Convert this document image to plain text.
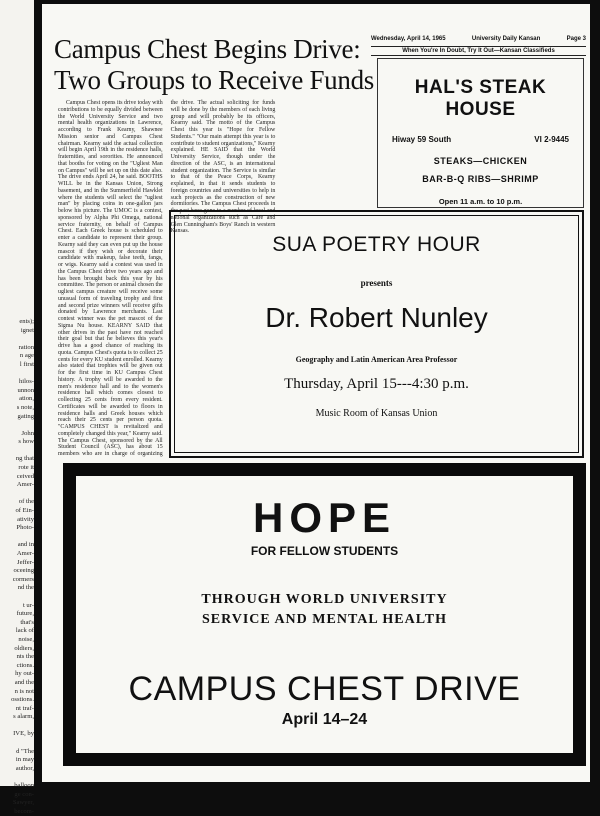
ents);
ignet
ration
n age
l first
hilos-
unnon
ation,
s note,
gating
John
s how
ng that
rote it
ceived
Amer-
of the
of Ein-
ativity
Photo-
and in
Amer-
Jeffer-
oceeing
cormers
nd the
t ur-
future,
that's
lack of
noise,
oldiers,
nts the
ctions.
hy out-
and the
n is not
osstions.
nt traf-
s alarm,
IVE, by
d "The
in may
author,
balloon
ge con-
Sawyer,
becom-
Campus Chest Begins Drive:
Two Groups to Receive Funds

Campus Chest opens its drive today with contributions to be equally divided between the World University Service and two mental health organizations in Lawrence, according to Frank Kearny, Shawnee Mission senior and Campus Chest chairman. Kearny said the actual collection will begin April 19th in the residence halls, fraternities, and sororities. He announced that booths for voting on the "Ugliest Man on Campus" will be set up on this date also. The drive ends April 24, he said. BOOTHS WILL be in the Kansas Union, Strong basement, and in the Summerfield Hawklet where the students will select the "ugliest man" by placing coins in one-gallon jars below his picture. The UMOC is a contest, sponsored by Alpha Phi Omega, national service fraternity, on behalf of Campus Chest. Each Greek house is scheduled to enter a candidate to represent their group. Kearny said they can even put up the house mascot if they wish or decorate their candidate with makeup, false teeth, fangs, or wigs. Kearny said a contest was used in the Campus Chest drive two years ago and has been brought back this year by his committee. The person or animal chosen the ugliest campus creature will receive some unusual form of traveling trophy and first and second prize winners will receive gifts donated by Lawrence merchants. Last contest winner was the pet mascot of the Sigma Nu house. KEARNY SAID that other drives in the past have not reached their goal but that he believes this year's drive has a good chance of reaching its quota. Campus Chest's quota is to collect 25 cents for every KU student enrolled. Kearny also stated that trophies will be given out for the first time in KU Campus Chest history. A trophy will be awarded to the men's residence hall and to the women's residence hall which comes closest to collecting 25 cents from every resident. Certificates will be awarded to floors in residence halls and Greek houses which reach their 25 cents per person quota. "CAMPUS CHEST is revitalized and completely changed this year," Kearny said. The Campus Chest, sponsored by the All Student Council (ASC), has about 15 members who are in charge of organizing the drive. The actual soliciting for funds will be done by the members of each living group and will probably be its officers, Kearny said. The motto of the Campus Chest this year is "Hope for Fellow Students." "Our main attempt this year is to contribute to student organizations," Kearny explained. HE SAID that the World University Service, though under the direction of the ASC, is an international student organization. The Service is similar to that of the Peace Corps, Kearny explained, in that it sends students to foreign countries and universities to help in such projects as the construction of new dormitories. The Campus Chest proceeds in the past have gone to a number of local and national organizations such as Care and Glen Cunningham's Boys' Ranch in western Kansas.

Wednesday, April 14, 1965	University Daily Kansan	Page 3
When You're In Doubt, Try It Out—Kansan Classifieds
HAL'S STEAK HOUSE
Hiway 59 South	VI 2-9445
STEAKS—CHICKEN
BAR-B-Q RIBS—SHRIMP
Open 11 a.m. to 10 p.m.
SUA POETRY HOUR
presents
Dr. Robert Nunley
Geography and Latin American Area Professor
Thursday, April 15---4:30 p.m.
Music Room of Kansas Union
HOPE
FOR FELLOW STUDENTS
THROUGH WORLD UNIVERSITY
SERVICE AND MENTAL HEALTH
CAMPUS CHEST DRIVE
April 14–24
